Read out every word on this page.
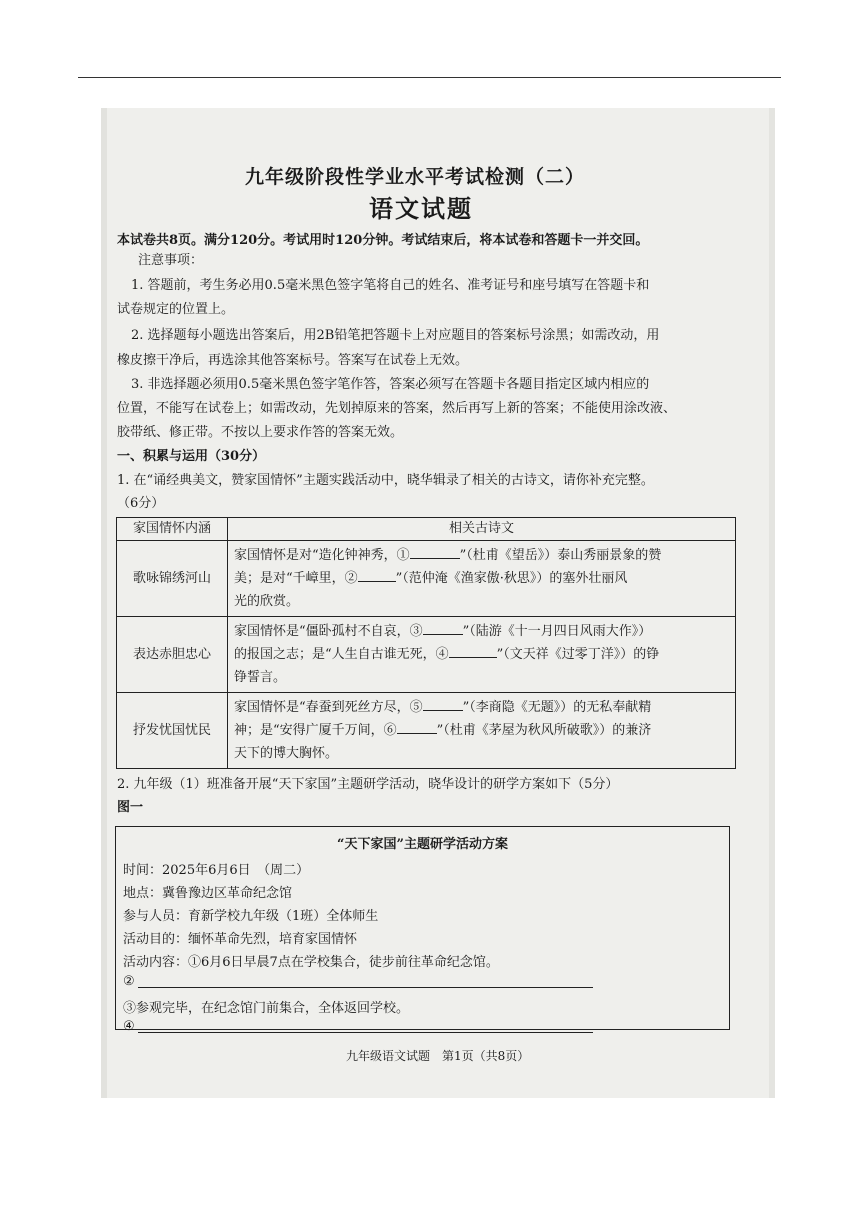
九年级阶段性学业水平考试检测（二）
语文试题
本试卷共8页。满分120分。考试用时120分钟。考试结束后，将本试卷和答题卡一并交回。
注意事项：
1. 答题前，考生务必用0.5毫米黑色签字笔将自己的姓名、准考证号和座号填写在答题卡和
试卷规定的位置上。
2. 选择题每小题选出答案后，用2B铅笔把答题卡上对应题目的答案标号涂黑；如需改动，用
橡皮擦干净后，再选涂其他答案标号。答案写在试卷上无效。
3. 非选择题必须用0.5毫米黑色签字笔作答，答案必须写在答题卡各题目指定区域内相应的
位置，不能写在试卷上；如需改动，先划掉原来的答案，然后再写上新的答案；不能使用涂改液、
胶带纸、修正带。不按以上要求作答的答案无效。
一、积累与运用（30分）
1. 在“诵经典美文，赞家国情怀”主题实践活动中，晓华辑录了相关的古诗文，请你补充完整。
（6分）
家国情怀内涵	相关古诗文
歌咏锦绣河山	家国情怀是对“造化钟神秀，① ”（杜甫《望岳》）泰山秀丽景象的赞
美；是对“千嶂里，② ”（范仲淹《渔家傲·秋思》）的塞外壮丽风
光的欣赏。
表达赤胆忠心	家国情怀是“僵卧孤村不自哀，③ ”（陆游《十一月四日风雨大作》）
的报国之志；是“人生自古谁无死，④ ”（文天祥《过零丁洋》）的铮
铮誓言。
抒发忧国忧民	家国情怀是“春蚕到死丝方尽，⑤ ”（李商隐《无题》）的无私奉献精
神；是“安得广厦千万间，⑥ ”（杜甫《茅屋为秋风所破歌》）的兼济
天下的博大胸怀。
2. 九年级（1）班准备开展“天下家国”主题研学活动，晓华设计的研学方案如下（5分）
图一
“天下家国”主题研学活动方案
时间：2025年6月6日　（周二）
地点：冀鲁豫边区革命纪念馆
参与人员：育新学校九年级（1班）全体师生
活动目的：缅怀革命先烈，培育家国情怀
活动内容：①6月6日早晨7点在学校集合，徒步前往革命纪念馆。
②
③参观完毕，在纪念馆门前集合，全体返回学校。
④
九年级语文试题　第1页（共8页）
